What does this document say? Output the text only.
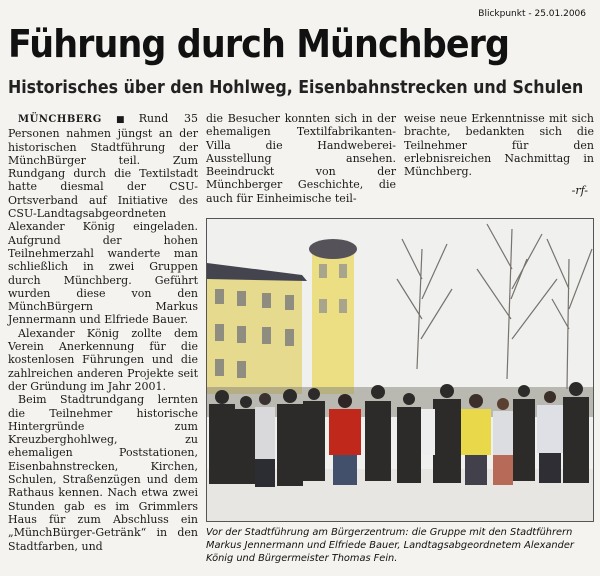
Blickpunkt - 25.01.2006
Führung durch Münchberg
Historisches über den Hohlweg, Eisenbahnstrecken und Schulen

MÜNCHBERG ■ Rund 35 Personen nahmen jüngst an der historischen Stadtführung der MünchBürger teil. Zum Rundgang durch die Textilstadt hatte diesmal der CSU-Ortsverband auf Initiative des CSU-Landtagsabgeordneten Alexander König eingeladen. Aufgrund der hohen Teilnehmerzahl wanderte man schließlich in zwei Gruppen durch Münchberg. Geführt wurden diese von den MünchBürgern Markus Jennermann und Elfriede Bauer.

Alexander König zollte dem Verein Anerkennung für die kostenlosen Führungen und die zahlreichen anderen Projekte seit der Gründung im Jahr 2001.

Beim Stadtrundgang lernten die Teilnehmer historische Hintergründe zum Kreuzberghohlweg, zu ehemaligen Poststationen, Eisenbahnstrecken, Kirchen, Schulen, Straßenzügen und dem Rathaus kennen. Nach etwa zwei Stunden gab es im Grimmlers Haus für zum Abschluss ein „MünchBürger-Getränk“ in den Stadtfarben, und

die Besucher konnten sich in der ehemaligen Textilfabrikanten-Villa die Handweberei-Ausstellung ansehen. Beeindruckt von der Münchberger Geschichte, die auch für Einheimische teil-

weise neue Erkenntnisse mit sich brachte, bedankten sich die Teilnehmer für den erlebnisreichen Nachmittag in Münchberg.

-rf-
Vor der Stadtführung am Bürgerzentrum: die Gruppe mit den Stadtführern Markus Jennermann und Elfriede Bauer, Landtagsabgeordnetem Alexander König und Bürgermeister Thomas Fein.
